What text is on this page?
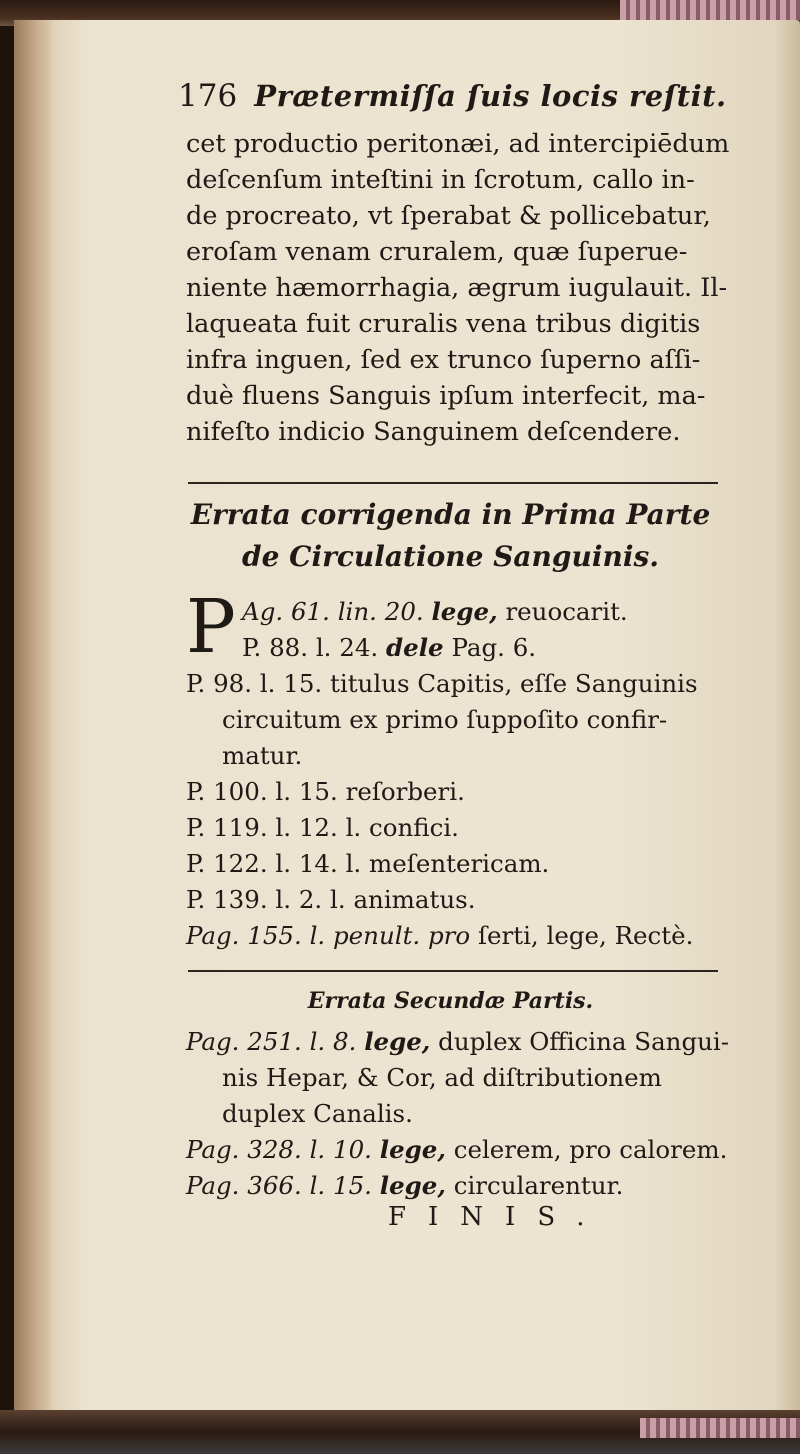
176 Prætermiſſa ſuis locis reſtit.
cet productio peritonæi, ad intercipiēdum
deſcenſum inteſtini in ſcrotum, callo in-
de procreato, vt ſperabat & pollicebatur,
eroſam venam cruralem, quæ ſuperue-
niente hæmorrhagia, ægrum iugulauit. Il-
laqueata fuit cruralis vena tribus digitis
infra inguen, ſed ex trunco ſuperno aſſi-
duè fluens Sanguis ipſum interfecit, ma-
nifeſto indicio Sanguinem deſcendere.
Errata corrigenda in Prima Parte
de Circulatione Sanguinis.
P Ag. 61. lin. 20. lege, reuocarit.
P. 88. l. 24. dele Pag. 6.
P. 98. l. 15. titulus Capitis, eſſe Sanguinis
circuitum ex primo ſuppoſito confir-
matur.
P. 100. l. 15. reſorberi.
P. 119. l. 12. l. confici.
P. 122. l. 14. l. meſentericam.
P. 139. l. 2. l. animatus.
Pag. 155. l. penult. pro ſerti, lege, Rectè.
Errata Secundæ Partis.
Pag. 251. l. 8. lege, duplex Officina Sangui-
nis Hepar, & Cor, ad diſtributionem
duplex Canalis.
Pag. 328. l. 10. lege, celerem, pro calorem.
Pag. 366. l. 15. lege, circularentur.
FINIS.
